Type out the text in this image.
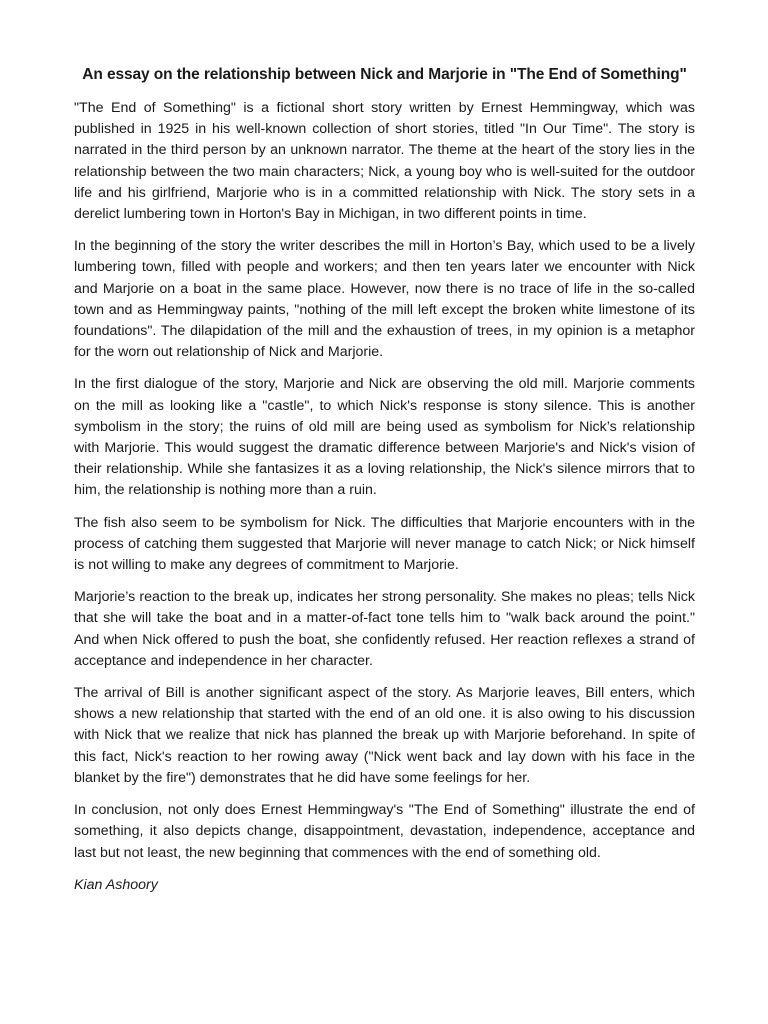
An essay on the relationship between Nick and Marjorie in "The End of Something"

"The End of Something" is a fictional short story written by Ernest Hemmingway, which was published in 1925 in his well-known collection of short stories, titled "In Our Time". The story is narrated in the third person by an unknown narrator. The theme at the heart of the story lies in the relationship between the two main characters; Nick, a young boy who is well-suited for the outdoor life and his girlfriend, Marjorie who is in a committed relationship with Nick. The story sets in a derelict lumbering town in Horton's Bay in Michigan, in two different points in time.

In the beginning of the story the writer describes the mill in Horton’s Bay, which used to be a lively lumbering town, filled with people and workers; and then ten years later we encounter with Nick and Marjorie on a boat in the same place. However, now there is no trace of life in the so-called town and as Hemmingway paints, "nothing of the mill left except the broken white limestone of its foundations". The dilapidation of the mill and the exhaustion of trees, in my opinion is a metaphor for the worn out relationship of Nick and Marjorie.

In the first dialogue of the story, Marjorie and Nick are observing the old mill. Marjorie comments on the mill as looking like a "castle", to which Nick's response is stony silence. This is another symbolism in the story; the ruins of old mill are being used as symbolism for Nick’s relationship with Marjorie. This would suggest the dramatic difference between Marjorie's and Nick's vision of their relationship. While she fantasizes it as a loving relationship, the Nick's silence mirrors that to him, the relationship is nothing more than a ruin.

The fish also seem to be symbolism for Nick. The difficulties that Marjorie encounters with in the process of catching them suggested that Marjorie will never manage to catch Nick; or Nick himself is not willing to make any degrees of commitment to Marjorie.

Marjorie’s reaction to the break up, indicates her strong personality. She makes no pleas; tells Nick that she will take the boat and in a matter-of-fact tone tells him to "walk back around the point." And when Nick offered to push the boat, she confidently refused. Her reaction reflexes a strand of acceptance and independence in her character.

The arrival of Bill is another significant aspect of the story. As Marjorie leaves, Bill enters, which shows a new relationship that started with the end of an old one. it is also owing to his discussion with Nick that we realize that nick has planned the break up with Marjorie beforehand. In spite of this fact, Nick's reaction to her rowing away ("Nick went back and lay down with his face in the blanket by the fire") demonstrates that he did have some feelings for her.

In conclusion, not only does Ernest Hemmingway's "The End of Something" illustrate the end of something, it also depicts change, disappointment, devastation, independence, acceptance and last but not least, the new beginning that commences with the end of something old.

Kian Ashoory
